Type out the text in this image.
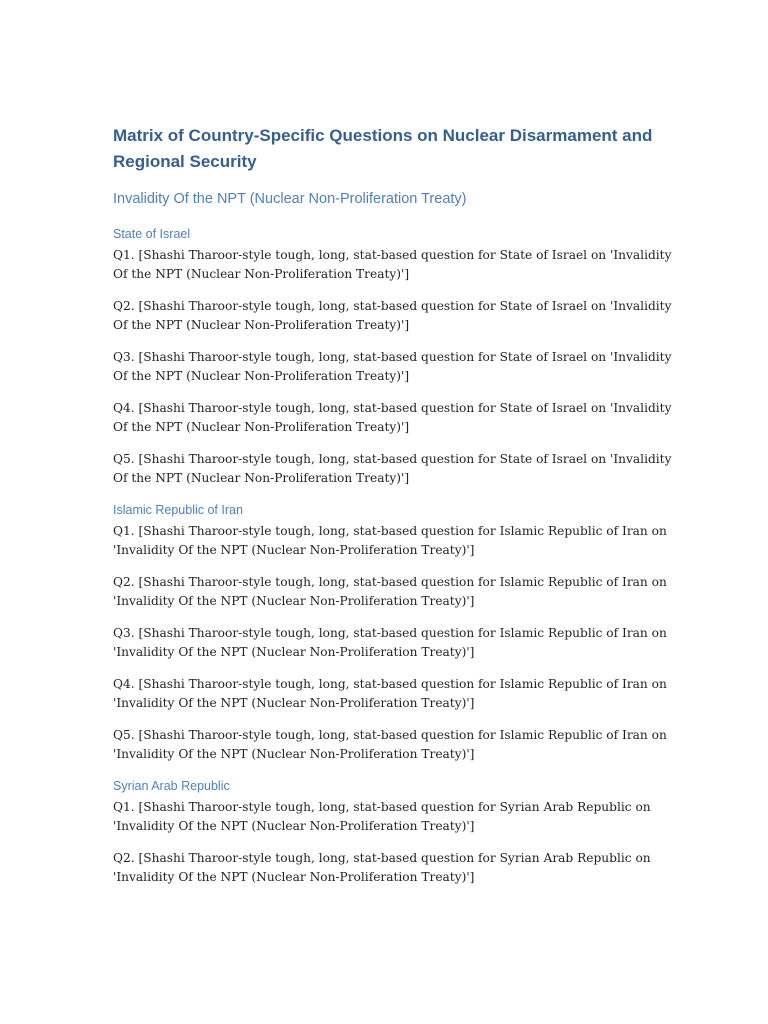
Matrix of Country-Specific Questions on Nuclear Disarmament and Regional Security
Invalidity Of the NPT (Nuclear Non-Proliferation Treaty)
State of Israel

Q1. [Shashi Tharoor-style tough, long, stat-based question for State of Israel on 'Invalidity Of the NPT (Nuclear Non-Proliferation Treaty)']

Q2. [Shashi Tharoor-style tough, long, stat-based question for State of Israel on 'Invalidity Of the NPT (Nuclear Non-Proliferation Treaty)']

Q3. [Shashi Tharoor-style tough, long, stat-based question for State of Israel on 'Invalidity Of the NPT (Nuclear Non-Proliferation Treaty)']

Q4. [Shashi Tharoor-style tough, long, stat-based question for State of Israel on 'Invalidity Of the NPT (Nuclear Non-Proliferation Treaty)']

Q5. [Shashi Tharoor-style tough, long, stat-based question for State of Israel on 'Invalidity Of the NPT (Nuclear Non-Proliferation Treaty)']

Islamic Republic of Iran

Q1. [Shashi Tharoor-style tough, long, stat-based question for Islamic Republic of Iran on 'Invalidity Of the NPT (Nuclear Non-Proliferation Treaty)']

Q2. [Shashi Tharoor-style tough, long, stat-based question for Islamic Republic of Iran on 'Invalidity Of the NPT (Nuclear Non-Proliferation Treaty)']

Q3. [Shashi Tharoor-style tough, long, stat-based question for Islamic Republic of Iran on 'Invalidity Of the NPT (Nuclear Non-Proliferation Treaty)']

Q4. [Shashi Tharoor-style tough, long, stat-based question for Islamic Republic of Iran on 'Invalidity Of the NPT (Nuclear Non-Proliferation Treaty)']

Q5. [Shashi Tharoor-style tough, long, stat-based question for Islamic Republic of Iran on 'Invalidity Of the NPT (Nuclear Non-Proliferation Treaty)']

Syrian Arab Republic

Q1. [Shashi Tharoor-style tough, long, stat-based question for Syrian Arab Republic on 'Invalidity Of the NPT (Nuclear Non-Proliferation Treaty)']

Q2. [Shashi Tharoor-style tough, long, stat-based question for Syrian Arab Republic on 'Invalidity Of the NPT (Nuclear Non-Proliferation Treaty)']
